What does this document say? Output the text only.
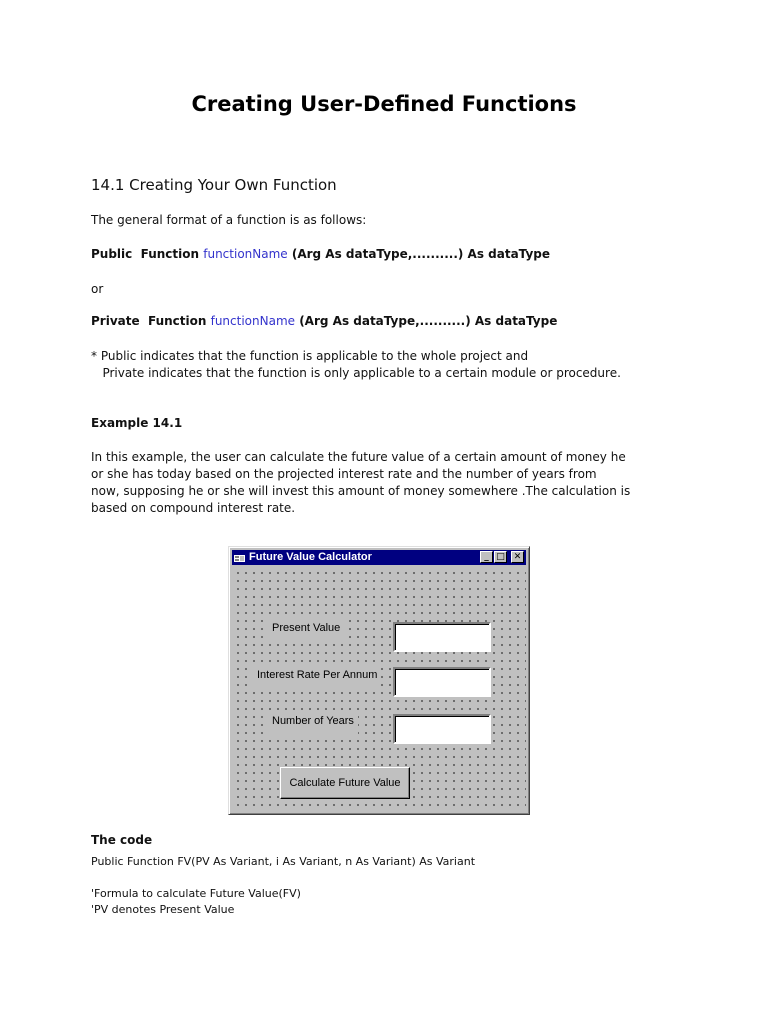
Creating User-Defined Functions
14.1 Creating Your Own Function

The general format of a function is as follows:

Public  Function functionName (Arg As dataType,..........) As dataType

or

Private  Function functionName (Arg As dataType,..........) As dataType

* Public indicates that the function is applicable to the whole project and
Private indicates that the function is only applicable to a certain module or procedure.

Example 14.1

In this example, the user can calculate the future value of a certain amount of money he
or she has today based on the projected interest rate and the number of years from
now, supposing he or she will invest this amount of money somewhere .The calculation is
based on compound interest rate.

Future Value Calculator	_ □ ✕
Present Value
Interest Rate Per Annum
Number of Years
Calculate Future Value

The code

Public Function FV(PV As Variant, i As Variant, n As Variant) As Variant

'Formula to calculate Future Value(FV)
'PV denotes Present Value
